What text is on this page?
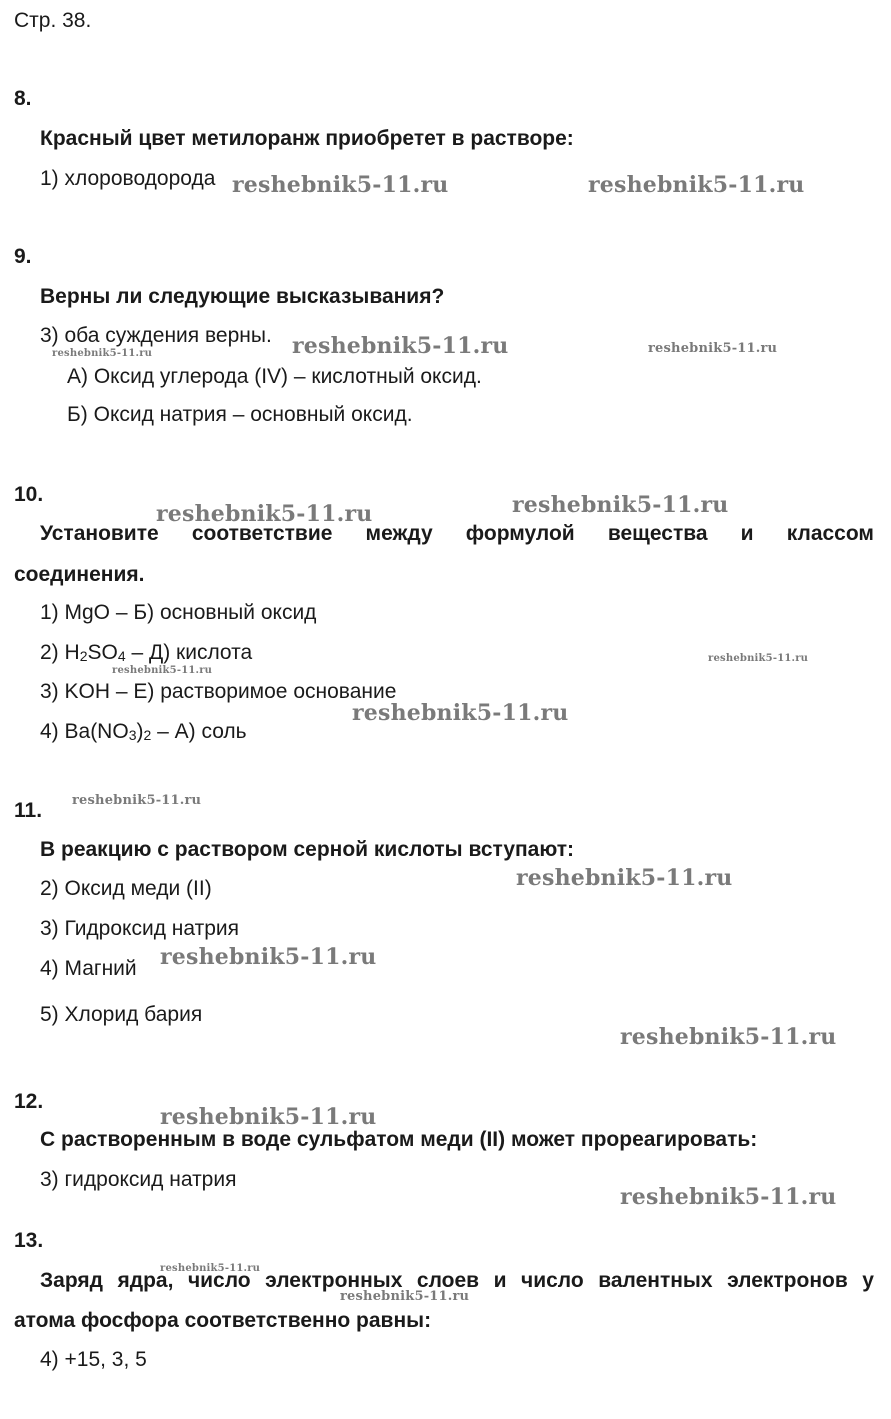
Стр. 38.
8.
Красный цвет метилоранж приобретет в растворе:
1) хлороводорода
9.
Верны ли следующие высказывания?
3) оба суждения верны.
А) Оксид углерода (IV) – кислотный оксид.
Б) Оксид натрия – основный оксид.
10.
Установите соответствие между формулой вещества и классом
соединения.
1) MgO – Б) основный оксид
2) $H_2SO_4 - Д$) кислота
3) KOH – Е) растворимое основание
4) $Ba(NO_3)_2 - А$) соль
11.
В реакцию с раствором серной кислоты вступают:
2) Оксид меди (II)
3) Гидроксид натрия
4) Магний
5) Хлорид бария
12.
С растворенным в воде сульфатом меди (II) может прореагировать:
3) гидроксид натрия
13.
Заряд ядра, число электронных слоев и число валентных электронов у
атома фосфора соответственно равны:
4) +15, 3, 5
reshebnik5-11.ru	reshebnik5-11.ru
reshebnik5-11.ru
reshebnik5-11.ru	reshebnik5-11.ru
reshebnik5-11.ru	reshebnik5-11.ru
reshebnik5-11.ru
reshebnik5-11.ru
reshebnik5-11.ru
reshebnik5-11.ru
reshebnik5-11.ru
reshebnik5-11.ru
reshebnik5-11.ru
reshebnik5-11.ru
reshebnik5-11.ru
reshebnik5-11.ru
reshebnik5-11.ru
